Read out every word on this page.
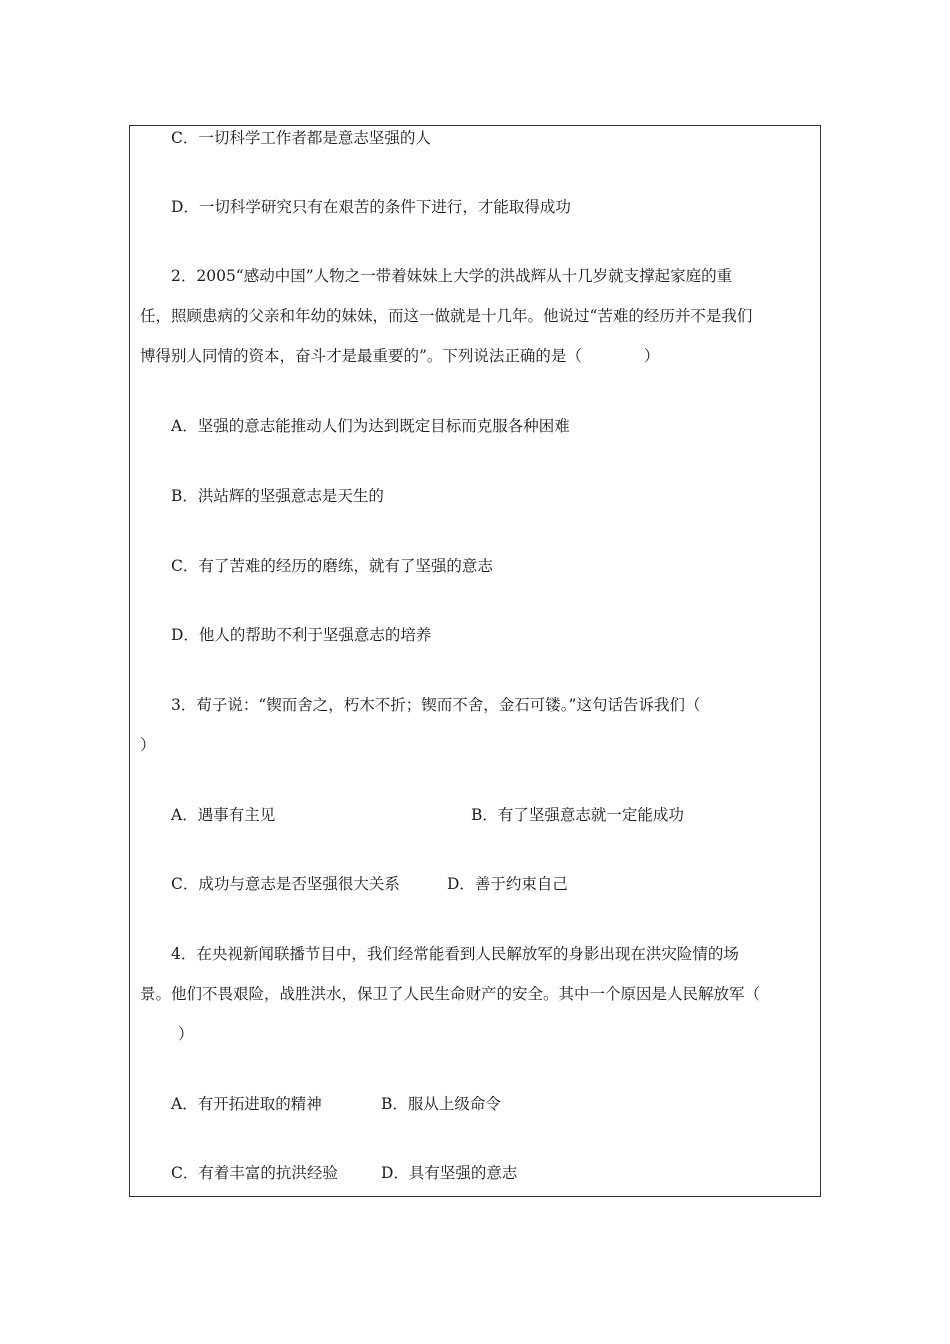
C．一切科学工作者都是意志坚强的人
D．一切科学研究只有在艰苦的条件下进行，才能取得成功
2．2005“感动中国”人物之一带着妹妹上大学的洪战辉从十几岁就支撑起家庭的重
任，照顾患病的父亲和年幼的妹妹，而这一做就是十几年。他说过“苦难的经历并不是我们
博得别人同情的资本，奋斗才是最重要的”。下列说法正确的是（　　　　）
A．坚强的意志能推动人们为达到既定目标而克服各种困难
B．洪站辉的坚强意志是天生的
C．有了苦难的经历的磨练，就有了坚强的意志
D．他人的帮助不利于坚强意志的培养
3．荀子说：“锲而舍之，朽木不折；锲而不舍，金石可镂。”这句话告诉我们（
）
A．遇事有主见	B．有了坚强意志就一定能成功
C．成功与意志是否坚强很大关系	D．善于约束自己
4．在央视新闻联播节目中，我们经常能看到人民解放军的身影出现在洪灾险情的场
景。他们不畏艰险，战胜洪水，保卫了人民生命财产的安全。其中一个原因是人民解放军（
）
A．有开拓进取的精神	B．服从上级命令
C．有着丰富的抗洪经验	D．具有坚强的意志
